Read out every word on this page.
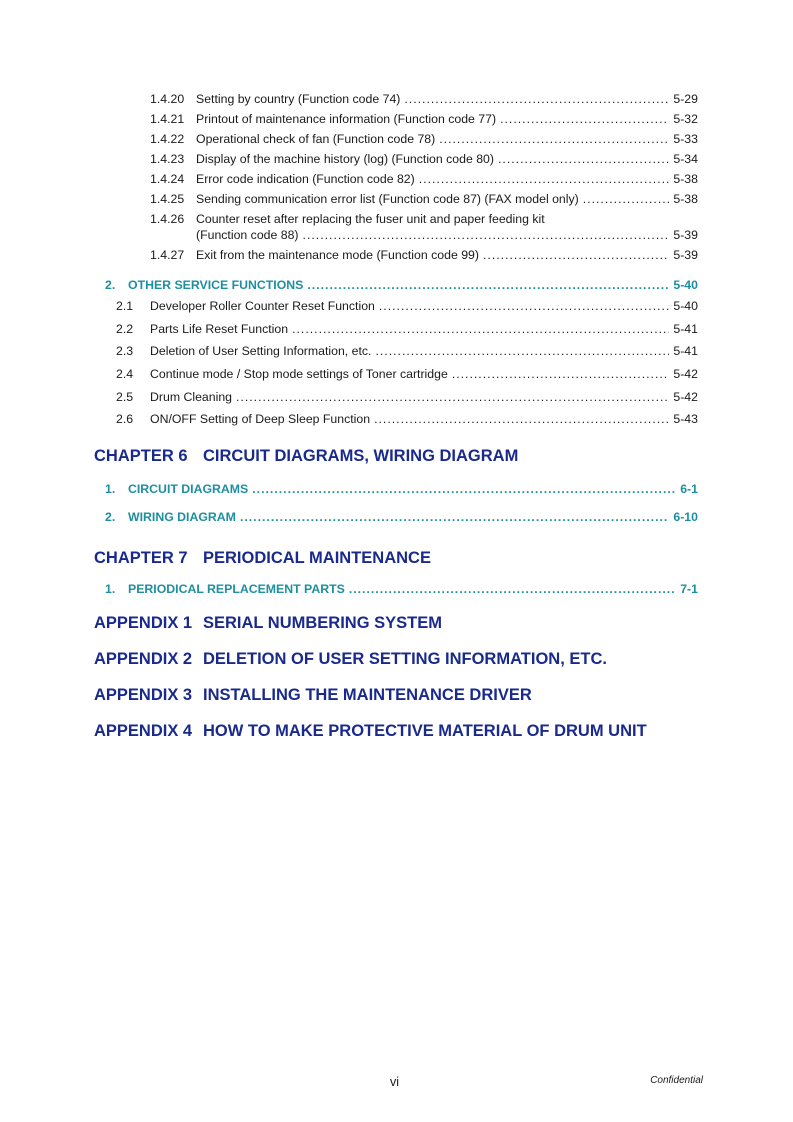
1.4.20 Setting by country (Function code 74) .....	5-29
1.4.21 Printout of maintenance information (Function code 77) .....	5-32
1.4.22 Operational check of fan (Function code 78) .....	5-33
1.4.23 Display of the machine history (log) (Function code 80) .....	5-34
1.4.24 Error code indication (Function code 82) .....	5-38
1.4.25 Sending communication error list (Function code 87) (FAX model only) .....	5-38
1.4.26 Counter reset after replacing the fuser unit and paper feeding kit
(Function code 88) .....	5-39
1.4.27 Exit from the maintenance mode (Function code 99) .....	5-39
2.	OTHER SERVICE FUNCTIONS .....	5-40
2.1	Developer Roller Counter Reset Function .....	5-40
2.2	Parts Life Reset Function .....	5-41
2.3	Deletion of User Setting Information, etc. .....	5-41
2.4	Continue mode / Stop mode settings of Toner cartridge .....	5-42
2.5	Drum Cleaning .....	5-42
2.6	ON/OFF Setting of Deep Sleep Function .....	5-43
CHAPTER 6 CIRCUIT DIAGRAMS, WIRING DIAGRAM
1.	CIRCUIT DIAGRAMS .....	6-1
2.	WIRING DIAGRAM .....	6-10
CHAPTER 7 PERIODICAL MAINTENANCE
1.	PERIODICAL REPLACEMENT PARTS .....	7-1
APPENDIX 1 SERIAL NUMBERING SYSTEM
APPENDIX 2 DELETION OF USER SETTING INFORMATION, ETC.
APPENDIX 3 INSTALLING THE MAINTENANCE DRIVER
APPENDIX 4 HOW TO MAKE PROTECTIVE MATERIAL OF DRUM UNIT
vi	Confidential
